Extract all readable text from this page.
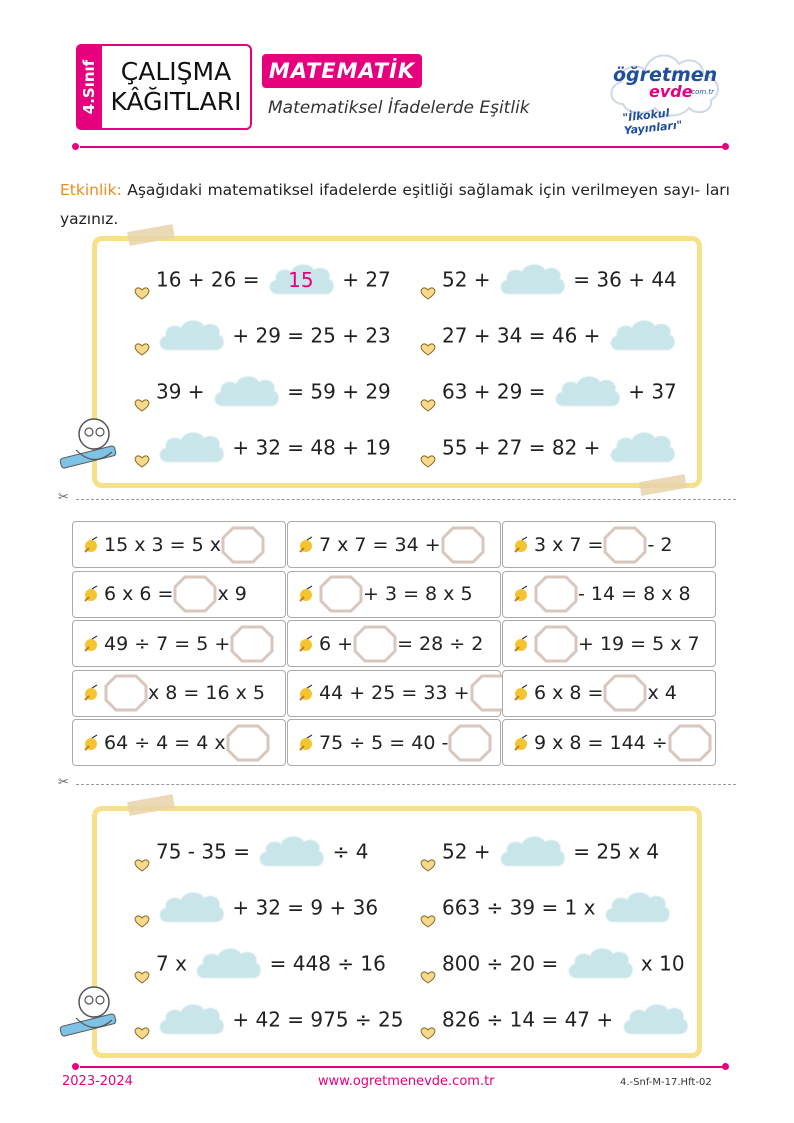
4.Sınıf ÇALIŞMA
KÂĞITLARI
MATEMATİK
Matematiksel İfadelerde Eşitlik
öğretmen
evde
.com.tr
"İlkokul Yayınları"
Etkinlik: Aşağıdaki matematiksel ifadelerde eşitliği sağlamak için verilmeyen sayı- ları yazınız.
16 + 26 =	15	+ 27	52 +	= 36 + 44
+ 29 = 25 + 23	27 + 34 = 46 +
39 +	= 59 + 29	63 + 29 =	+ 37
+ 32 = 48 + 19	55 + 27 = 82 +
✂
15 x 3 = 5 x	7 x 7 = 34 +	3 x 7 = - 2
6 x 6 = x 9	+ 3 = 8 x 5	- 14 = 8 x 8
49 ÷ 7 = 5 +	6 + = 28 ÷ 2	+ 19 = 5 x 7
x 8 = 16 x 5	44 + 25 = 33 +	6 x 8 = x 4
64 ÷ 4 = 4 x	75 ÷ 5 = 40 -	9 x 8 = 144 ÷
✂
75 - 35 =	÷ 4	52 +	= 25 x 4
+ 32 = 9 + 36	663 ÷ 39 = 1 x
7 x	= 448 ÷ 16	800 ÷ 20 =	x 10
+ 42 = 975 ÷ 25	826 ÷ 14 = 47 +
2023-2024	www.ogretmenevde.com.tr	4.-Snf-M-17.Hft-02
